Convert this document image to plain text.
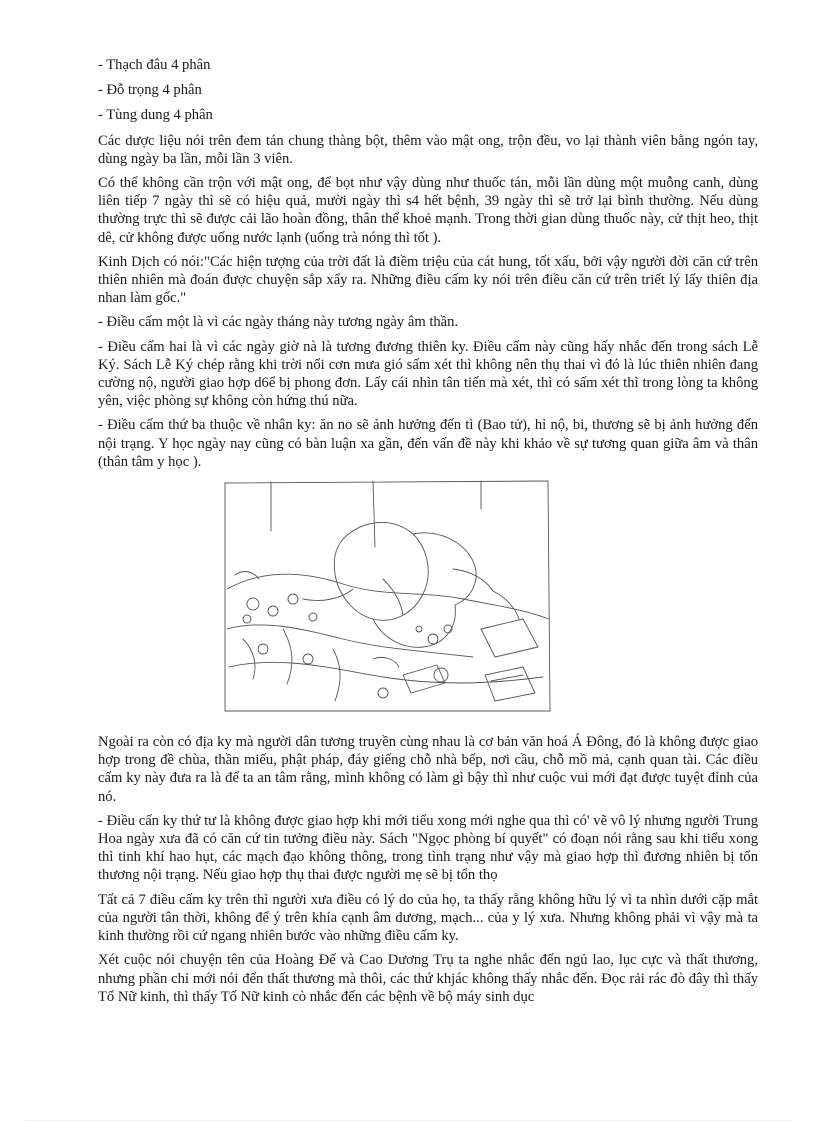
- Thạch đâu 4 phân
- Đỗ trọng 4 phân
- Tùng dung 4 phân

Các dược liệu nói trên đem tán chung thàng bột, thêm vào mật ong, trộn đều, vo lại thành viên bằng ngón tay, dùng ngày ba lần, mỗi lần 3 viên.

Có thể không cần trộn với mật ong, để bọt như vậy dùng như thuốc tán, mỗi lần dùng một muỗng canh, dùng liên tiếp 7 ngày thì sẽ có hiệu quả, mười ngày thì s4 hết bệnh, 39 ngày thì sẽ trở lại bình thường. Nếu dùng thường trực thì sẽ được cải lão hoàn đồng, thân thể khoẻ mạnh. Trong thời gian dùng thuốc này, cử thịt heo, thịt dê, cử không được uống nước lạnh (uống trà nóng thì tốt ).

Kinh Dịch có nói:"Các hiện tượng của trời đất là điềm triệu của cát hung, tốt xấu, bởi vậy người đời căn cứ trên thiên nhiên mà đoán được chuyện sắp xẩy ra. Những điều cấm ky nói trên điều căn cứ trên triết lý lấy thiên địa nhan làm gốc."

- Điều cấm một là vì các ngày tháng này tương ngày âm thần.

- Điều cấm hai là vì các ngày giờ nà là tương đương thiên ky. Điều cấm này cũng hấy nhắc đến trong sách Lễ Ký. Sách Lễ Ký chép rằng khi trời nổi cơn mưa gió sấm xét thì không nên thụ thai vì đó là lúc thiên nhiên đang cường nộ, người giao hợp d6ể bị phong đơn. Lấy cái nhìn tân tiến mà xét, thì có sấm xét thì trong lòng ta không yên, việc phòng sự không còn hứng thú nữa.

- Điều cấm thứ ba thuộc về nhân ky: ăn no sẽ ảnh hưởng đến tì (Bao tử), hỉ nộ, bi, thương sẽ bị ảnh hưởng đến nội trạng. Y học ngày nay cũng có bàn luận xa gần, đến vấn đề này khi khảo về sự tương quan giữa âm và thân (thân tâm y học ).

Ngoài ra còn có địa ky mà người dân tương truyền cùng nhau là cơ bản văn hoá Á Đông, đó là không được giao hợp trong đề chùa, thần miếu, phật pháp, đáy giếng chỗ nhà bếp, nơi cầu, chỗ mồ mả, cạnh quan tài. Các điều cấm ky này đưa ra là để ta an tâm rằng, mình không có làm gì bậy thì như cuộc vui mới đạt được tuyệt đỉnh của nó.

- Điều cấn ky thứ tư là không được giao hợp khi mới tiểu xong mới nghe qua thì có' vẽ vô lý nhưng người Trung Hoa ngày xưa đã có căn cứ tin tưởng điều này. Sách "Ngọc phòng bí quyết" có đoạn nói rằng sau khi tiểu xong thì tinh khí hao hụt, các mạch đạo không thông, trong tình trạng như vậy mà giao hợp thì đương nhiên bị tổn thương nội trạng. Nếu giao hợp thụ thai được người mẹ sẽ bị tổn thọ

Tất cả 7 điều cấm ky trên thì người xưa điều có lý do của họ, ta thấy rằng không hữu lý vì ta nhìn dưới cặp mắt của người tân thời, không để ý trên khía cạnh âm dương, mạch... của y lý xưa. Nhưng không phải vì vậy mà ta kinh thường rồi cứ ngang nhiên bước vào những điều cấm ky.

Xét cuộc nói chuyện tên của Hoàng Đế và Cao Dương Trụ ta nghe nhắc đến ngủ lao, lục cực và thất thương, nhưng phần chỉ mới nói đến thất thương mà thôi, các thứ khjác không thấy nhắc đến. Đọc rải rác đò đây thì thấy Tố Nữ kinh, thì thấy Tố Nữ kinh cò nhắc đến các bệnh về bộ máy sinh dục
